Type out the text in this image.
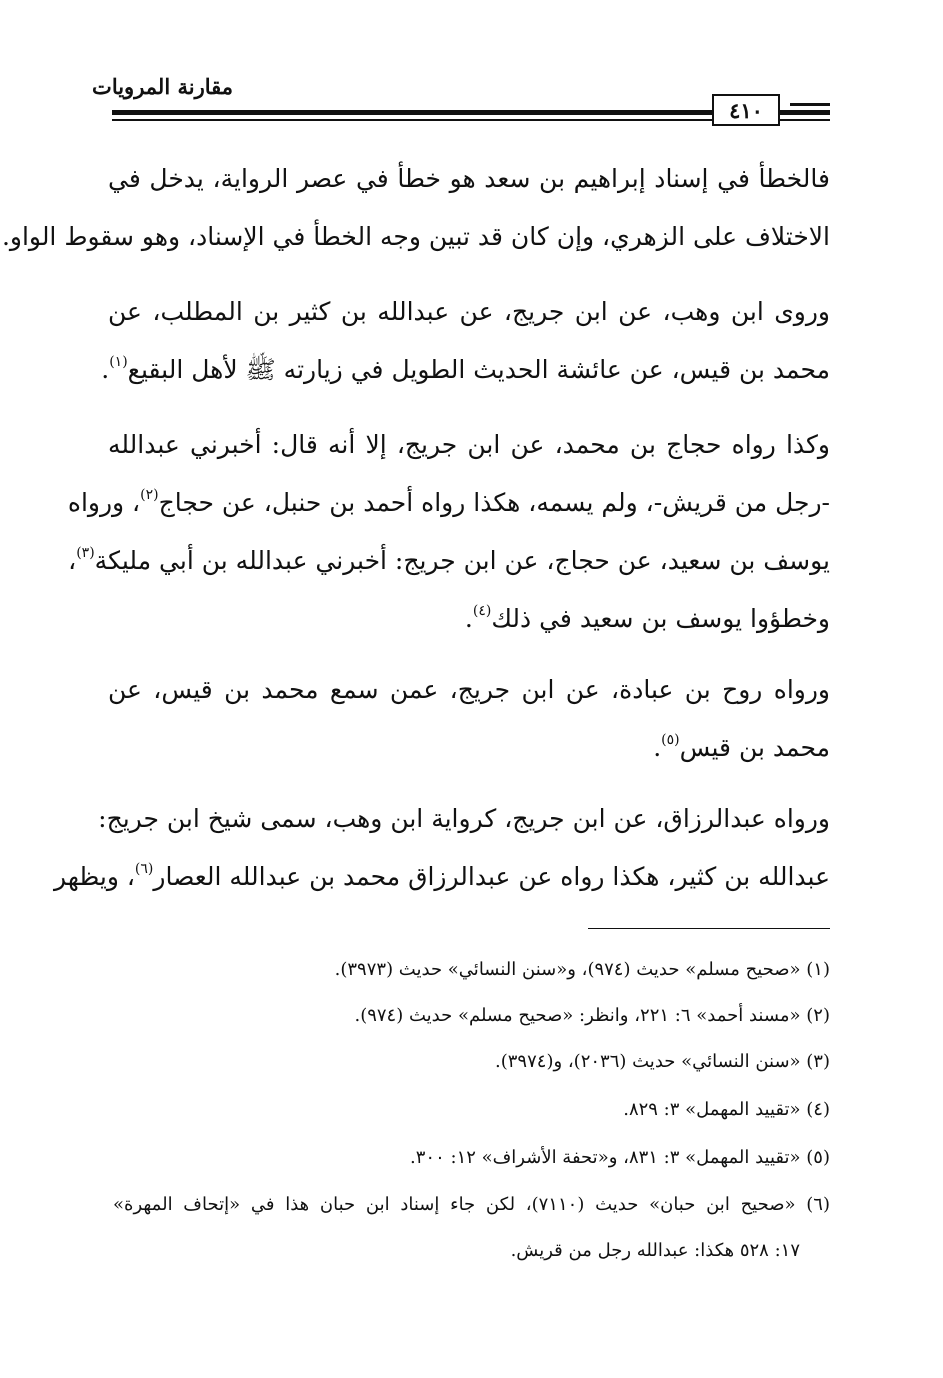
مقارنة المرويات
٤١٠
فالخطأ في إسناد إبراهيم بن سعد هو خطأ في عصر الرواية، يدخل في
الاختلاف على الزهري، وإن كان قد تبين وجه الخطأ في الإسناد، وهو سقوط الواو.
وروى ابن وهب، عن ابن جريج، عن عبدالله بن كثير بن المطلب، عن
محمد بن قيس، عن عائشة الحديث الطويل في زيارته ﷺ لأهل البقيع$^{(١)}$.
وكذا رواه حجاج بن محمد، عن ابن جريج، إلا أنه قال: أخبرني عبدالله
-رجل من قريش-، ولم يسمه، هكذا رواه أحمد بن حنبل، عن حجاج$^{(٢)}$، ورواه
يوسف بن سعيد، عن حجاج، عن ابن جريج: أخبرني عبدالله بن أبي مليكة$^{(٣)}$،
وخطؤوا يوسف بن سعيد في ذلك$^{(٤)}$.
ورواه روح بن عبادة، عن ابن جريج، عمن سمع محمد بن قيس، عن
محمد بن قيس$^{(٥)}$.
ورواه عبدالرزاق، عن ابن جريج، كرواية ابن وهب، سمى شيخ ابن جريج:
عبدالله بن كثير، هكذا رواه عن عبدالرزاق محمد بن عبدالله العصار$^{(٦)}$، ويظهر
(١) «صحيح مسلم» حديث (٩٧٤)، و«سنن النسائي» حديث (٣٩٧٣).
(٢) «مسند أحمد» ٦: ٢٢١، وانظر: «صحيح مسلم» حديث (٩٧٤).
(٣) «سنن النسائي» حديث (٢٠٣٦)، و(٣٩٧٤).
(٤) «تقييد المهمل» ٣: ٨٢٩.
(٥) «تقييد المهمل» ٣: ٨٣١، و«تحفة الأشراف» ١٢: ٣٠٠.
(٦) «صحيح ابن حبان» حديث (٧١١٠)، لكن جاء إسناد ابن حبان هذا في «إتحاف المهرة»
١٧: ٥٢٨ هكذا: عبدالله رجل من قريش.
